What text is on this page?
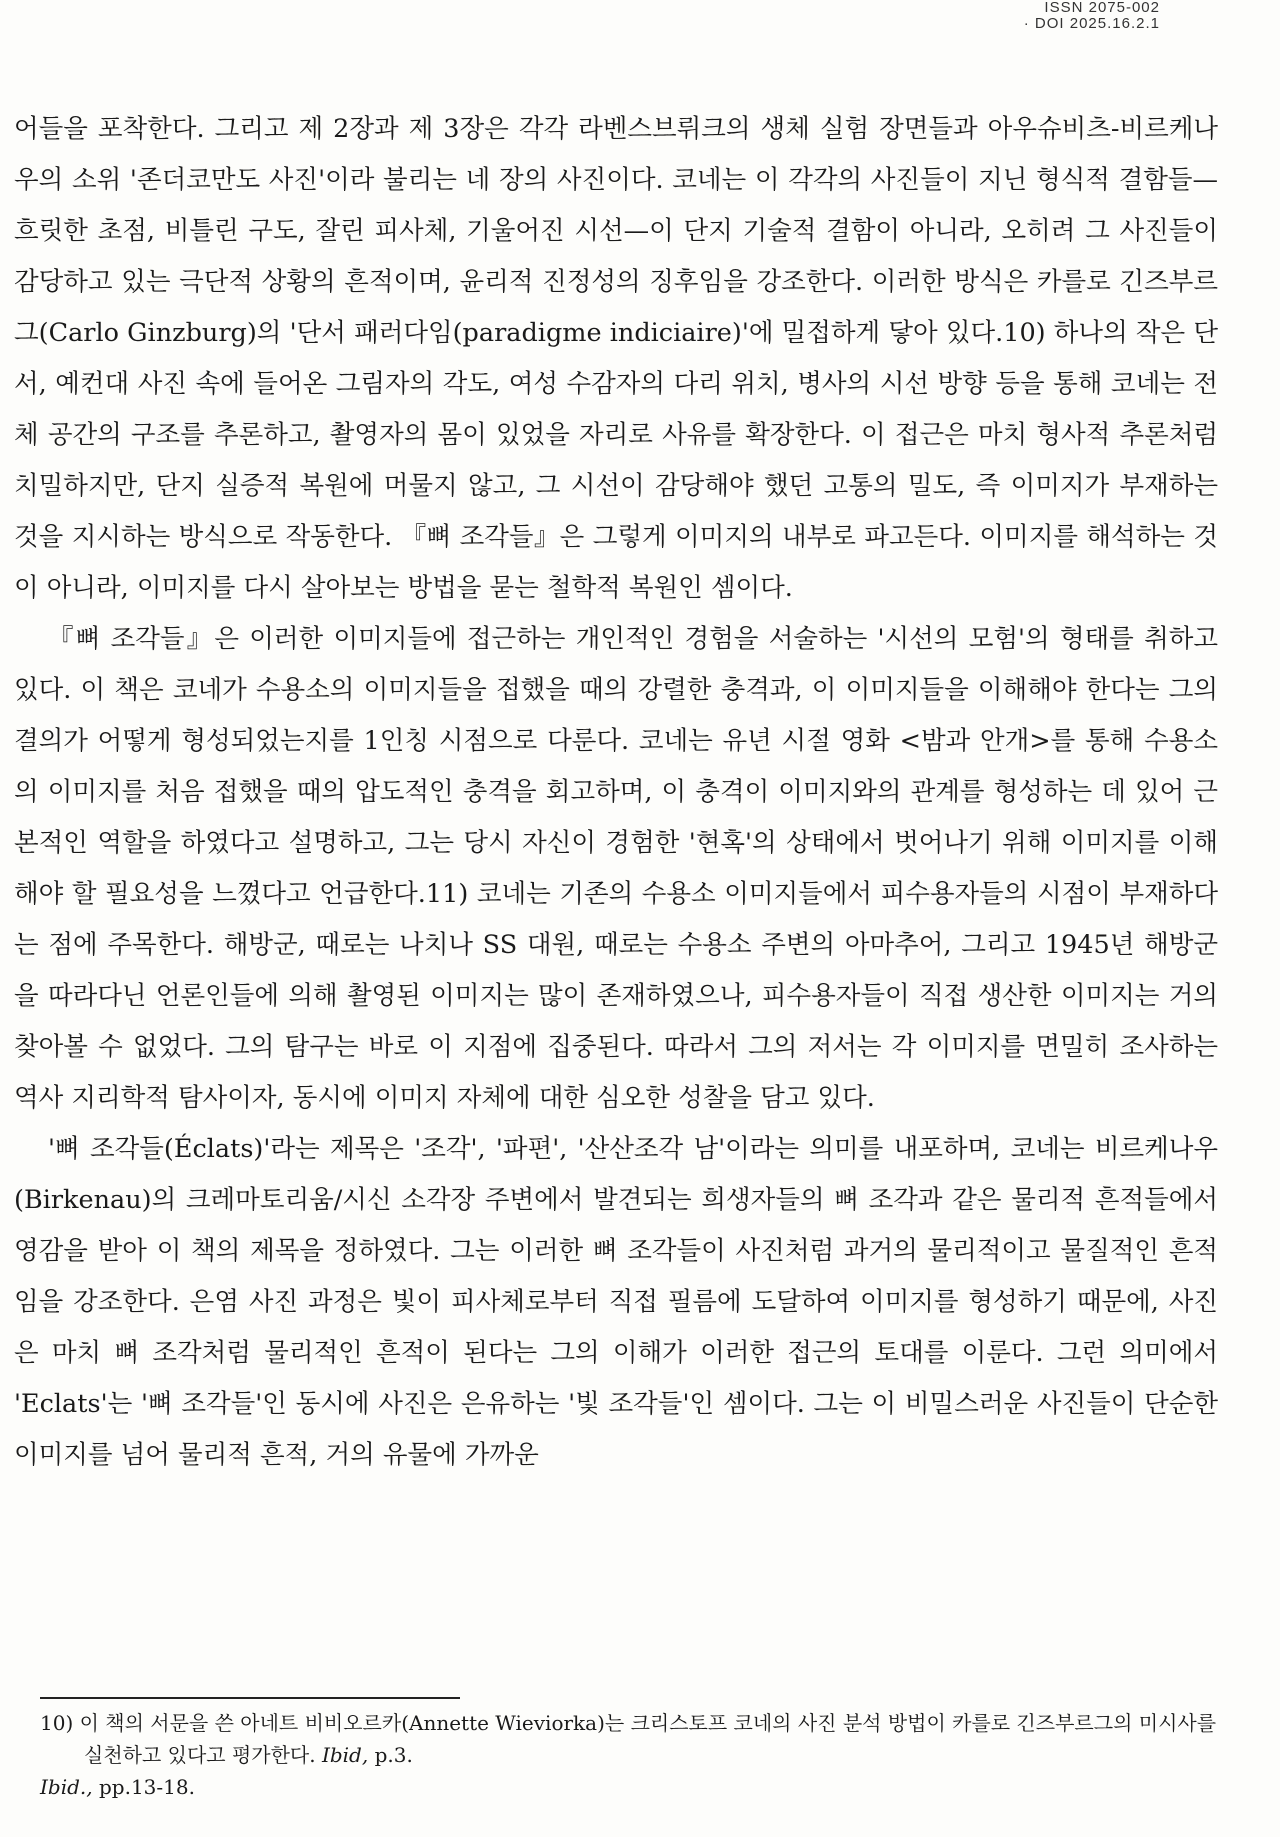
ISSN 2075-002
· DOI 2025.16.2.1

어들을 포착한다. 그리고 제 2장과 제 3장은 각각 라벤스브뤼크의 생체 실험 장면들과 아우슈비츠-비르케나우의 소위 '존더코만도 사진'이라 불리는 네 장의 사진이다. 코네는 이 각각의 사진들이 지닌 형식적 결함들—흐릿한 초점, 비틀린 구도, 잘린 피사체, 기울어진 시선—이 단지 기술적 결함이 아니라, 오히려 그 사진들이 감당하고 있는 극단적 상황의 흔적이며, 윤리적 진정성의 징후임을 강조한다. 이러한 방식은 카를로 긴즈부르그(Carlo Ginzburg)의 '단서 패러다임(paradigme indiciaire)'에 밀접하게 닿아 있다.10) 하나의 작은 단서, 예컨대 사진 속에 들어온 그림자의 각도, 여성 수감자의 다리 위치, 병사의 시선 방향 등을 통해 코네는 전체 공간의 구조를 추론하고, 촬영자의 몸이 있었을 자리로 사유를 확장한다. 이 접근은 마치 형사적 추론처럼 치밀하지만, 단지 실증적 복원에 머물지 않고, 그 시선이 감당해야 했던 고통의 밀도, 즉 이미지가 부재하는 것을 지시하는 방식으로 작동한다. 『뼈 조각들』은 그렇게 이미지의 내부로 파고든다. 이미지를 해석하는 것이 아니라, 이미지를 다시 살아보는 방법을 묻는 철학적 복원인 셈이다.

『뼈 조각들』은 이러한 이미지들에 접근하는 개인적인 경험을 서술하는 '시선의 모험'의 형태를 취하고 있다. 이 책은 코네가 수용소의 이미지들을 접했을 때의 강렬한 충격과, 이 이미지들을 이해해야 한다는 그의 결의가 어떻게 형성되었는지를 1인칭 시점으로 다룬다. 코네는 유년 시절 영화 <밤과 안개>를 통해 수용소의 이미지를 처음 접했을 때의 압도적인 충격을 회고하며, 이 충격이 이미지와의 관계를 형성하는 데 있어 근본적인 역할을 하였다고 설명하고, 그는 당시 자신이 경험한 '현혹'의 상태에서 벗어나기 위해 이미지를 이해해야 할 필요성을 느꼈다고 언급한다.11) 코네는 기존의 수용소 이미지들에서 피수용자들의 시점이 부재하다는 점에 주목한다. 해방군, 때로는 나치나 SS 대원, 때로는 수용소 주변의 아마추어, 그리고 1945년 해방군을 따라다닌 언론인들에 의해 촬영된 이미지는 많이 존재하였으나, 피수용자들이 직접 생산한 이미지는 거의 찾아볼 수 없었다. 그의 탐구는 바로 이 지점에 집중된다. 따라서 그의 저서는 각 이미지를 면밀히 조사하는 역사 지리학적 탐사이자, 동시에 이미지 자체에 대한 심오한 성찰을 담고 있다.

'뼈 조각들(Éclats)'라는 제목은 '조각', '파편', '산산조각 남'이라는 의미를 내포하며, 코네는 비르케나우(Birkenau)의 크레마토리움/시신 소각장 주변에서 발견되는 희생자들의 뼈 조각과 같은 물리적 흔적들에서 영감을 받아 이 책의 제목을 정하였다. 그는 이러한 뼈 조각들이 사진처럼 과거의 물리적이고 물질적인 흔적임을 강조한다. 은염 사진 과정은 빛이 피사체로부터 직접 필름에 도달하여 이미지를 형성하기 때문에, 사진은 마치 뼈 조각처럼 물리적인 흔적이 된다는 그의 이해가 이러한 접근의 토대를 이룬다. 그런 의미에서 'Eclats'는 '뼈 조각들'인 동시에 사진은 은유하는 '빛 조각들'인 셈이다. 그는 이 비밀스러운 사진들이 단순한 이미지를 넘어 물리적 흔적, 거의 유물에 가까운

10) 이 책의 서문을 쓴 아네트 비비오르카(Annette Wieviorka)는 크리스토프 코네의 사진 분석 방법이 카를로 긴즈부르그의 미시사를 실천하고 있다고 평가한다. Ibid, p.3.

Ibid., pp.13-18.
